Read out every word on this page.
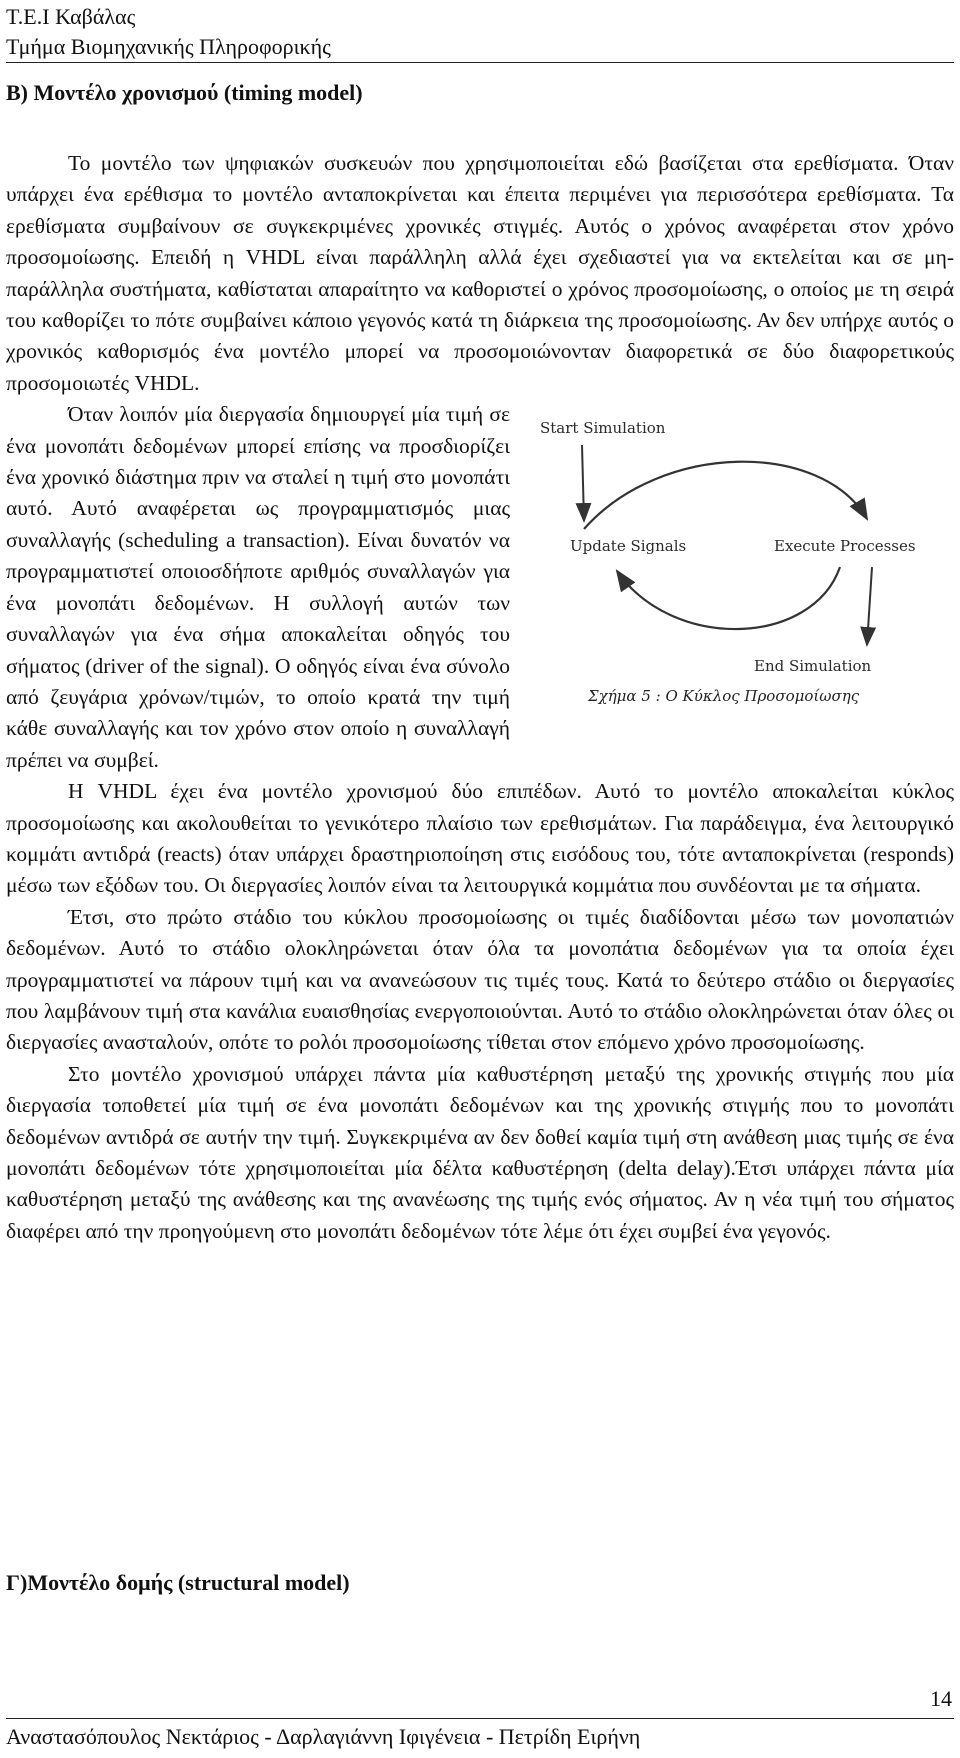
Τ.Ε.Ι Καβάλας
Τμήμα Βιομηχανικής Πληροφορικής
Β) Μοντέλο χρονισμού (timing model)

Το μοντέλο των ψηφιακών συσκευών που χρησιμοποιείται εδώ βασίζεται στα ερεθίσματα. Όταν υπάρχει ένα ερέθισμα το μοντέλο ανταποκρίνεται και έπειτα περιμένει για περισσότερα ερεθίσματα. Τα ερεθίσματα συμβαίνουν σε συγκεκριμένες χρονικές στιγμές. Αυτός ο χρόνος αναφέρεται στον χρόνο προσομοίωσης. Επειδή η VHDL είναι παράλληλη αλλά έχει σχεδιαστεί για να εκτελείται και σε μη-παράλληλα συστήματα, καθίσταται απαραίτητο να καθοριστεί ο χρόνος προσομοίωσης, ο οποίος με τη σειρά του καθορίζει το πότε συμβαίνει κάποιο γεγονός κατά τη διάρκεια της προσομοίωσης. Αν δεν υπήρχε αυτός ο χρονικός καθορισμός ένα μοντέλο μπορεί να προσομοιώνονταν διαφορετικά σε δύο διαφορετικούς προσομοιωτές VHDL.

Start Simulation
Update Signals	Execute Processes
End Simulation
Σχήμα 5 : Ο Κύκλος Προσομοίωσης

Όταν λοιπόν μία διεργασία δημιουργεί μία τιμή σε ένα μονοπάτι δεδομένων μπορεί επίσης να προσδιορίζει ένα χρονικό διάστημα πριν να σταλεί η τιμή στο μονοπάτι αυτό. Αυτό αναφέρεται ως προγραμματισμός μιας συναλλαγής (scheduling a transaction). Είναι δυνατόν να προγραμματιστεί οποιοσδήποτε αριθμός συναλλαγών για ένα μονοπάτι δεδομένων. Η συλλογή αυτών των συναλλαγών για ένα σήμα αποκαλείται οδηγός του σήματος (driver of the signal). Ο οδηγός είναι ένα σύνολο από ζευγάρια χρόνων/τιμών, το οποίο κρατά την τιμή κάθε συναλλαγής και τον χρόνο στον οποίο η συναλλαγή πρέπει να συμβεί.

Η VHDL έχει ένα μοντέλο χρονισμού δύο επιπέδων. Αυτό το μοντέλο αποκαλείται κύκλος προσομοίωσης και ακολουθείται το γενικότερο πλαίσιο των ερεθισμάτων. Για παράδειγμα, ένα λειτουργικό κομμάτι αντιδρά (reacts) όταν υπάρχει δραστηριοποίηση στις εισόδους του, τότε ανταποκρίνεται (responds) μέσω των εξόδων του. Οι διεργασίες λοιπόν είναι τα λειτουργικά κομμάτια που συνδέονται με τα σήματα.

Έτσι, στο πρώτο στάδιο του κύκλου προσομοίωσης οι τιμές διαδίδονται μέσω των μονοπατιών δεδομένων. Αυτό το στάδιο ολοκληρώνεται όταν όλα τα μονοπάτια δεδομένων για τα οποία έχει προγραμματιστεί να πάρουν τιμή και να ανανεώσουν τις τιμές τους. Κατά το δεύτερο στάδιο οι διεργασίες που λαμβάνουν τιμή στα κανάλια ευαισθησίας ενεργοποιούνται. Αυτό το στάδιο ολοκληρώνεται όταν όλες οι διεργασίες ανασταλούν, οπότε το ρολόι προσομοίωσης τίθεται στον επόμενο χρόνο προσομοίωσης.

Στο μοντέλο χρονισμού υπάρχει πάντα μία καθυστέρηση μεταξύ της χρονικής στιγμής που μία διεργασία τοποθετεί μία τιμή σε ένα μονοπάτι δεδομένων και της χρονικής στιγμής που το μονοπάτι δεδομένων αντιδρά σε αυτήν την τιμή. Συγκεκριμένα αν δεν δοθεί καμία τιμή στη ανάθεση μιας τιμής σε ένα μονοπάτι δεδομένων τότε χρησιμοποιείται μία δέλτα καθυστέρηση (delta delay).Έτσι υπάρχει πάντα μία καθυστέρηση μεταξύ της ανάθεσης και της ανανέωσης της τιμής ενός σήματος. Αν η νέα τιμή του σήματος διαφέρει από την προηγούμενη στο μονοπάτι δεδομένων τότε λέμε ότι έχει συμβεί ένα γεγονός.

Γ)Μοντέλο δομής (structural model)
14
Αναστασόπουλος Νεκτάριος - Δαρλαγιάννη Ιφιγένεια - Πετρίδη Ειρήνη
